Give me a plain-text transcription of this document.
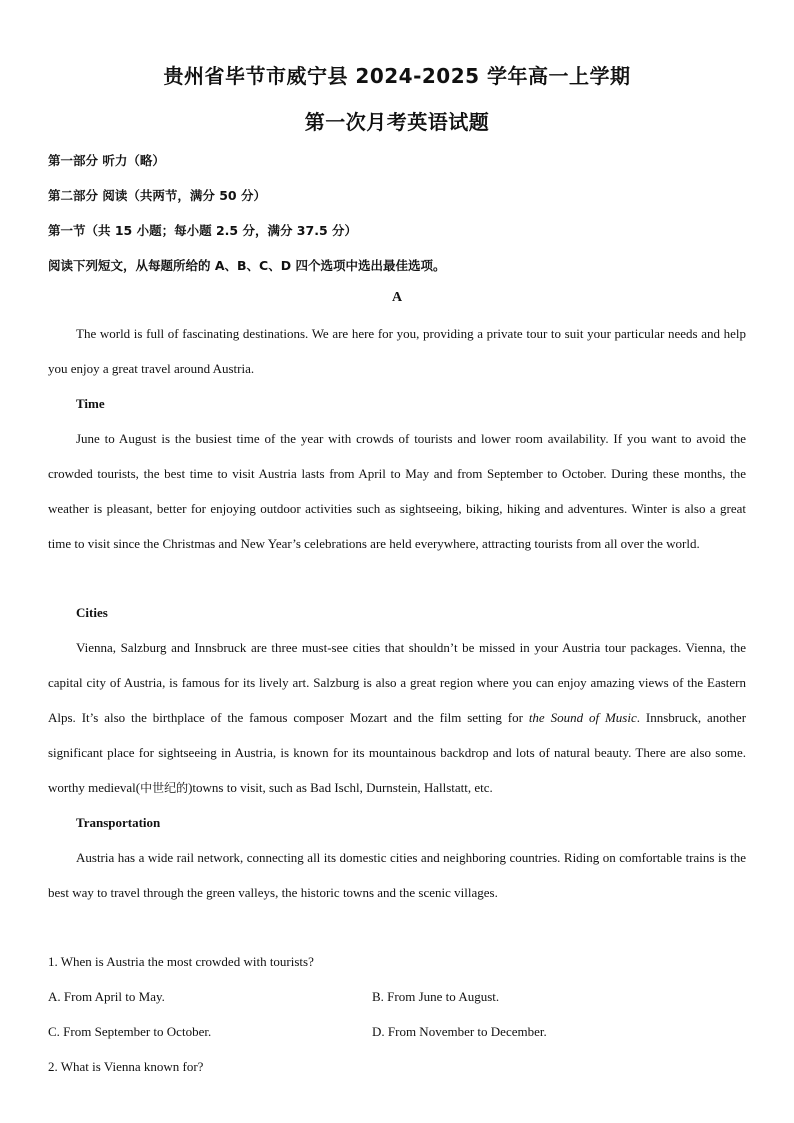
贵州省毕节市威宁县 2024-2025 学年高一上学期
第一次月考英语试题
第一部分 听力（略）
第二部分 阅读（共两节，满分 50 分）
第一节（共 15 小题；每小题 2.5 分，满分 37.5 分）
阅读下列短文，从每题所给的 A、B、C、D 四个选项中选出最佳选项。
A

The world is full of fascinating destinations. We are here for you, providing a private tour to suit your particular needs and help you enjoy a great travel around Austria.

Time

June to August is the busiest time of the year with crowds of tourists and lower room availability. If you want to avoid the crowded tourists, the best time to visit Austria lasts from April to May and from September to October. During these months, the weather is pleasant, better for enjoying outdoor activities such as sightseeing, biking, hiking and adventures. Winter is also a great time to visit since the Christmas and New Year’s celebrations are held everywhere, attracting tourists from all over the world.

Cities

Vienna, Salzburg and Innsbruck are three must-see cities that shouldn’t be missed in your Austria tour packages. Vienna, the capital city of Austria, is famous for its lively art. Salzburg is also a great region where you can enjoy amazing views of the Eastern Alps. It’s also the birthplace of the famous composer Mozart and the film setting for the Sound of Music. Innsbruck, another significant place for sightseeing in Austria, is known for its mountainous backdrop and lots of natural beauty. There are also some. worthy medieval(中世纪的)towns to visit, such as Bad Ischl, Durnstein, Hallstatt, etc.

Transportation

Austria has a wide rail network, connecting all its domestic cities and neighboring countries. Riding on comfortable trains is the best way to travel through the green valleys, the historic towns and the scenic villages.

1. When is Austria the most crowded with tourists?
A. From April to May.	B. From June to August.
C. From September to October.	D. From November to December.
2. What is Vienna known for?
